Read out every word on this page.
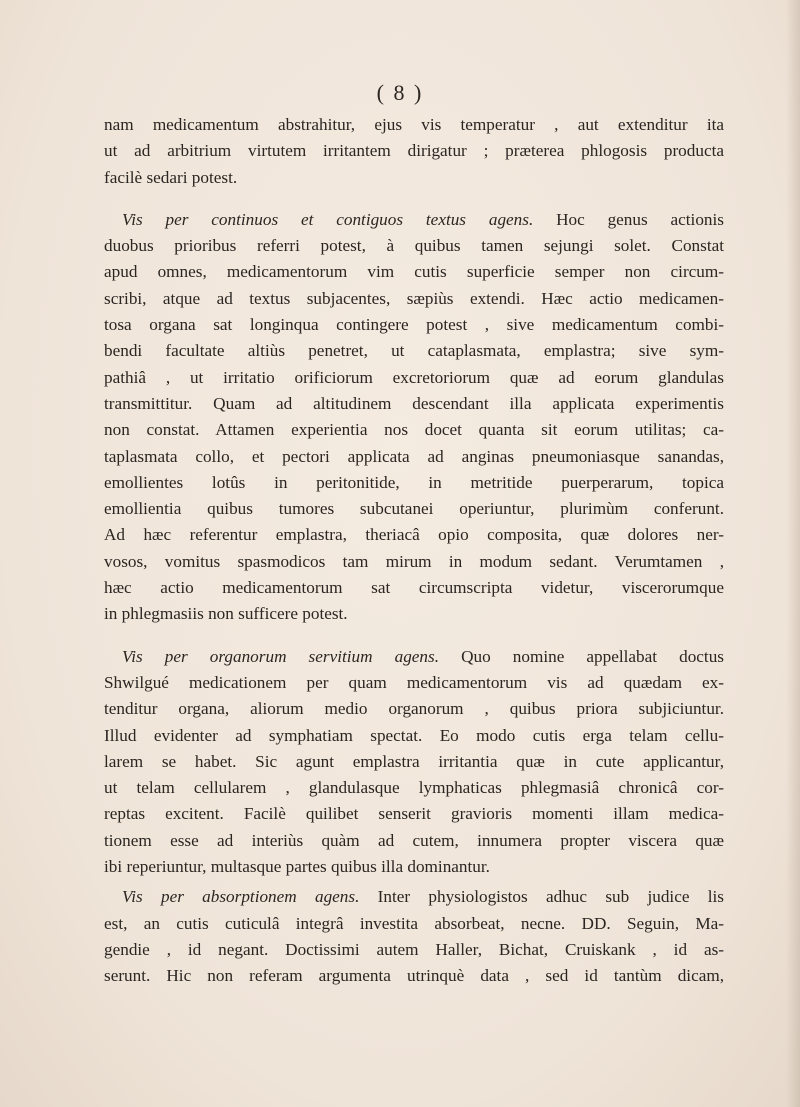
( 8 )
nam medicamentum abstrahitur, ejus vis temperatur , aut extenditur ita
ut ad arbitrium virtutem irritantem dirigatur ; præterea phlogosis producta
facilè sedari potest.
Vis per continuos et contiguos textus agens. Hoc genus actionis
duobus prioribus referri potest, à quibus tamen sejungi solet. Constat
apud omnes, medicamentorum vim cutis superficie semper non circum-
scribi, atque ad textus subjacentes, sæpiùs extendi. Hæc actio medicamen-
tosa organa sat longinqua contingere potest , sive medicamentum combi-
bendi facultate altiùs penetret, ut cataplasmata, emplastra; sive sym-
pathiâ , ut irritatio orificiorum excretoriorum quæ ad eorum glandulas
transmittitur. Quam ad altitudinem descendant illa applicata experimentis
non constat. Attamen experientia nos docet quanta sit eorum utilitas; ca-
taplasmata collo, et pectori applicata ad anginas pneumoniasque sanandas,
emollientes lotûs in peritonitide, in metritide puerperarum, topica
emollientia quibus tumores subcutanei operiuntur, plurimùm conferunt.
Ad hæc referentur emplastra, theriacâ opio composita, quæ dolores ner-
vosos, vomitus spasmodicos tam mirum in modum sedant. Verumtamen ,
hæc actio medicamentorum sat circumscripta videtur, viscerorumque
in phlegmasiis non sufficere potest.
Vis per organorum servitium agens. Quo nomine appellabat doctus
Shwilgué medicationem per quam medicamentorum vis ad quædam ex-
tenditur organa, aliorum medio organorum , quibus priora subjiciuntur.
Illud evidenter ad symphatiam spectat. Eo modo cutis erga telam cellu-
larem se habet. Sic agunt emplastra irritantia quæ in cute applicantur,
ut telam cellularem , glandulasque lymphaticas phlegmasiâ chronicâ cor-
reptas excitent. Facilè quilibet senserit gravioris momenti illam medica-
tionem esse ad interiùs quàm ad cutem, innumera propter viscera quæ
ibi reperiuntur, multasque partes quibus illa dominantur.
Vis per absorptionem agens. Inter physiologistos adhuc sub judice lis
est, an cutis cuticulâ integrâ investita absorbeat, necne. DD. Seguin, Ma-
gendie , id negant. Doctissimi autem Haller, Bichat, Cruiskank , id as-
serunt. Hic non referam argumenta utrinquè data , sed id tantùm dicam,
